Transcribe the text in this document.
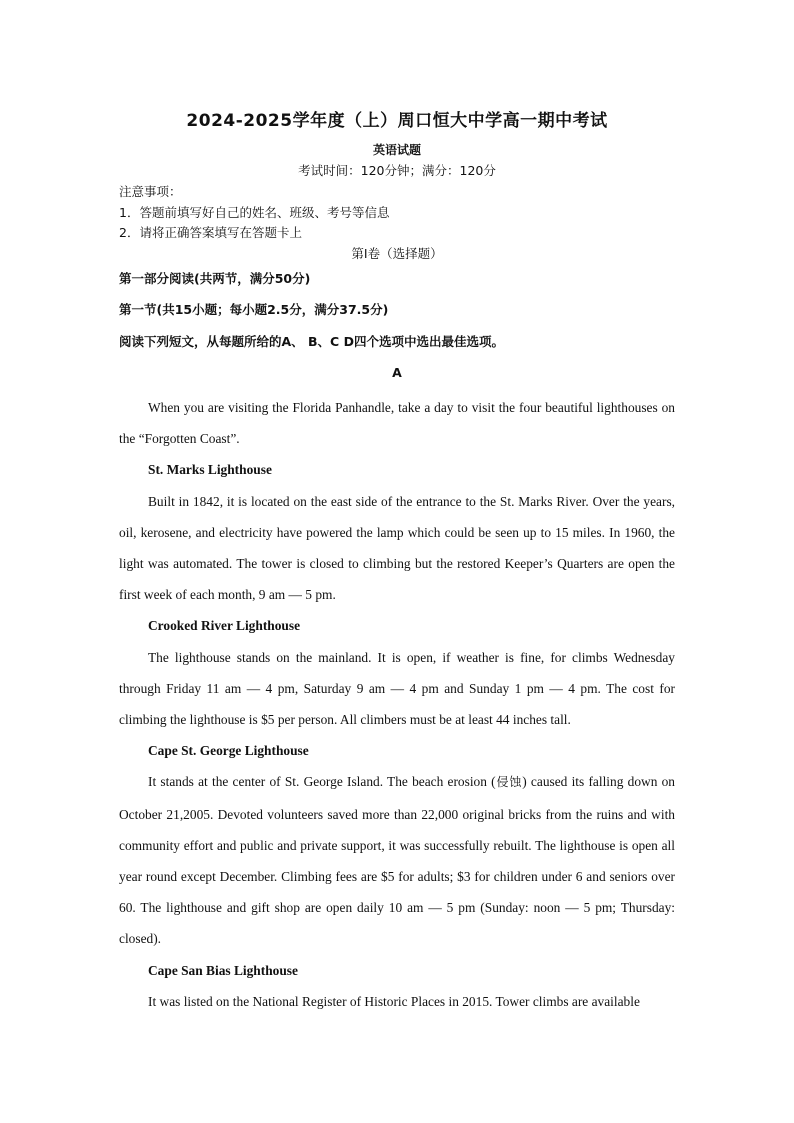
2024-2025学年度（上）周口恒大中学高一期中考试
英语试题
考试时间：120分钟；满分：120分
注意事项：
1．答题前填写好自己的姓名、班级、考号等信息
2．请将正确答案填写在答题卡上
第Ⅰ卷（选择题）
第一部分阅读(共两节，满分50分)
第一节(共15小题；每小题2.5分，满分37.5分)
阅读下列短文，从每题所给的A、 B、C D四个选项中选出最佳选项。
A

When you are visiting the Florida Panhandle, take a day to visit the four beautiful lighthouses on the “Forgotten Coast”.

St. Marks Lighthouse

Built in 1842, it is located on the east side of the entrance to the St. Marks River. Over the years, oil, kerosene, and electricity have powered the lamp which could be seen up to 15 miles. In 1960, the light was automated. The tower is closed to climbing but the restored Keeper’s Quarters are open the first week of each month, 9 am — 5 pm.

Crooked River Lighthouse

The lighthouse stands on the mainland. It is open, if weather is fine, for climbs Wednesday through Friday 11 am — 4 pm, Saturday 9 am — 4 pm and Sunday 1 pm — 4 pm. The cost for climbing the lighthouse is $5 per person. All climbers must be at least 44 inches tall.

Cape St. George Lighthouse

It stands at the center of St. George Island. The beach erosion (侵蚀) caused its falling down on October 21,2005. Devoted volunteers saved more than 22,000 original bricks from the ruins and with community effort and public and private support, it was successfully rebuilt. The lighthouse is open all year round except December. Climbing fees are $5 for adults; $3 for children under 6 and seniors over 60. The lighthouse and gift shop are open daily 10 am — 5 pm (Sunday: noon — 5 pm; Thursday: closed).

Cape San Bias Lighthouse

It was listed on the National Register of Historic Places in 2015. Tower climbs are available
